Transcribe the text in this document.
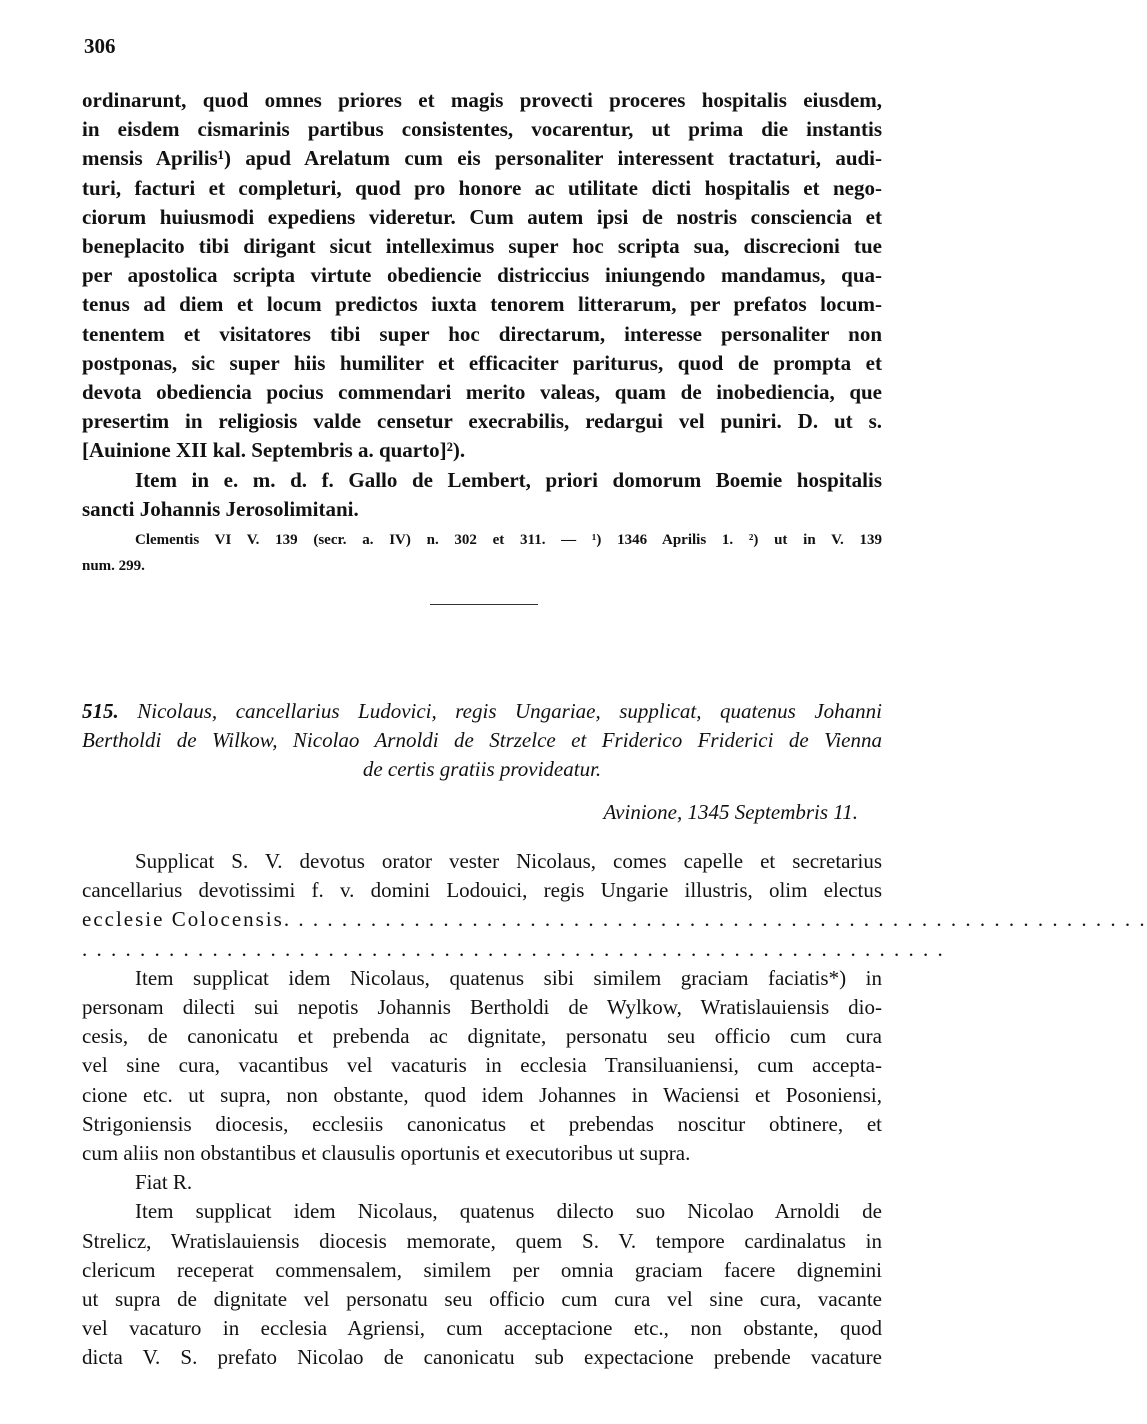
306
ordinarunt, quod omnes priores et magis provecti proceres hospitalis eiusdem,
in eisdem cismarinis partibus consistentes, vocarentur, ut prima die instantis
mensis Aprilis¹) apud Arelatum cum eis personaliter interessent tractaturi, audi-
turi, facturi et completuri, quod pro honore ac utilitate dicti hospitalis et nego-
ciorum huiusmodi expediens videretur. Cum autem ipsi de nostris consciencia et
beneplacito tibi dirigant sicut intelleximus super hoc scripta sua, discrecioni tue
per apostolica scripta virtute obediencie districcius iniungendo mandamus, qua-
tenus ad diem et locum predictos iuxta tenorem litterarum, per prefatos locum-
tenentem et visitatores tibi super hoc directarum, interesse personaliter non
postponas, sic super hiis humiliter et efficaciter pariturus, quod de prompta et
devota obediencia pocius commendari merito valeas, quam de inobediencia, que
presertim in religiosis valde censetur execrabilis, redargui vel puniri. D. ut s.
[Auinione XII kal. Septembris a. quarto]²).
Item in e. m. d. f. Gallo de Lembert, priori domorum Boemie hospitalis
sancti Johannis Jerosolimitani.
Clementis VI V. 139 (secr. a. IV) n. 302 et 311. — ¹) 1346 Aprilis 1. ²) ut in V. 139
num. 299.
515. Nicolaus, cancellarius Ludovici, regis Ungariae, supplicat, quatenus Johanni
Bertholdi de Wilkow, Nicolao Arnoldi de Strzelce et Friderico Friderici de Vienna
de certis gratiis provideatur.
Avinione, 1345 Septembris 11.
Supplicat S. V. devotus orator vester Nicolaus, comes capelle et secretarius
cancellarius devotissimi f. v. domini Lodouici, regis Ungarie illustris, olim electus
ecclesie Colocensis. . . . . . . . . . . . . . . . . . . . . . . . . . . . . . . . . . . . . . . . . . . . . . . . . . . . . . . . . . . .
. . . . . . . . . . . . . . . . . . . . . . . . . . . . . . . . . . . . . . . . . . . . . . . . . . . . . . . . . . . .
Item supplicat idem Nicolaus, quatenus sibi similem graciam faciatis*) in
personam dilecti sui nepotis Johannis Bertholdi de Wylkow, Wratislauiensis dio-
cesis, de canonicatu et prebenda ac dignitate, personatu seu officio cum cura
vel sine cura, vacantibus vel vacaturis in ecclesia Transiluaniensi, cum acceptа-
cione etc. ut supra, non obstante, quod idem Johannes in Waciensi et Posoniensi,
Strigoniensis diocesis, ecclesiis canonicatus et prebendas noscitur obtinere, et
cum aliis non obstantibus et clausulis oportunis et executoribus ut supra.
Fiat R.
Item supplicat idem Nicolaus, quatenus dilecto suo Nicolao Arnoldi de
Strelicz, Wratislauiensis diocesis memorate, quem S. V. tempore cardinalatus in
clericum receperat commensalem, similem per omnia graciam facere dignemini
ut supra de dignitate vel personatu seu officio cum cura vel sine cura, vacante
vel vacaturo in ecclesia Agriensi, cum acceptacione etc., non obstante, quod
dicta V. S. prefato Nicolao de canonicatu sub expectacione prebende vacature
